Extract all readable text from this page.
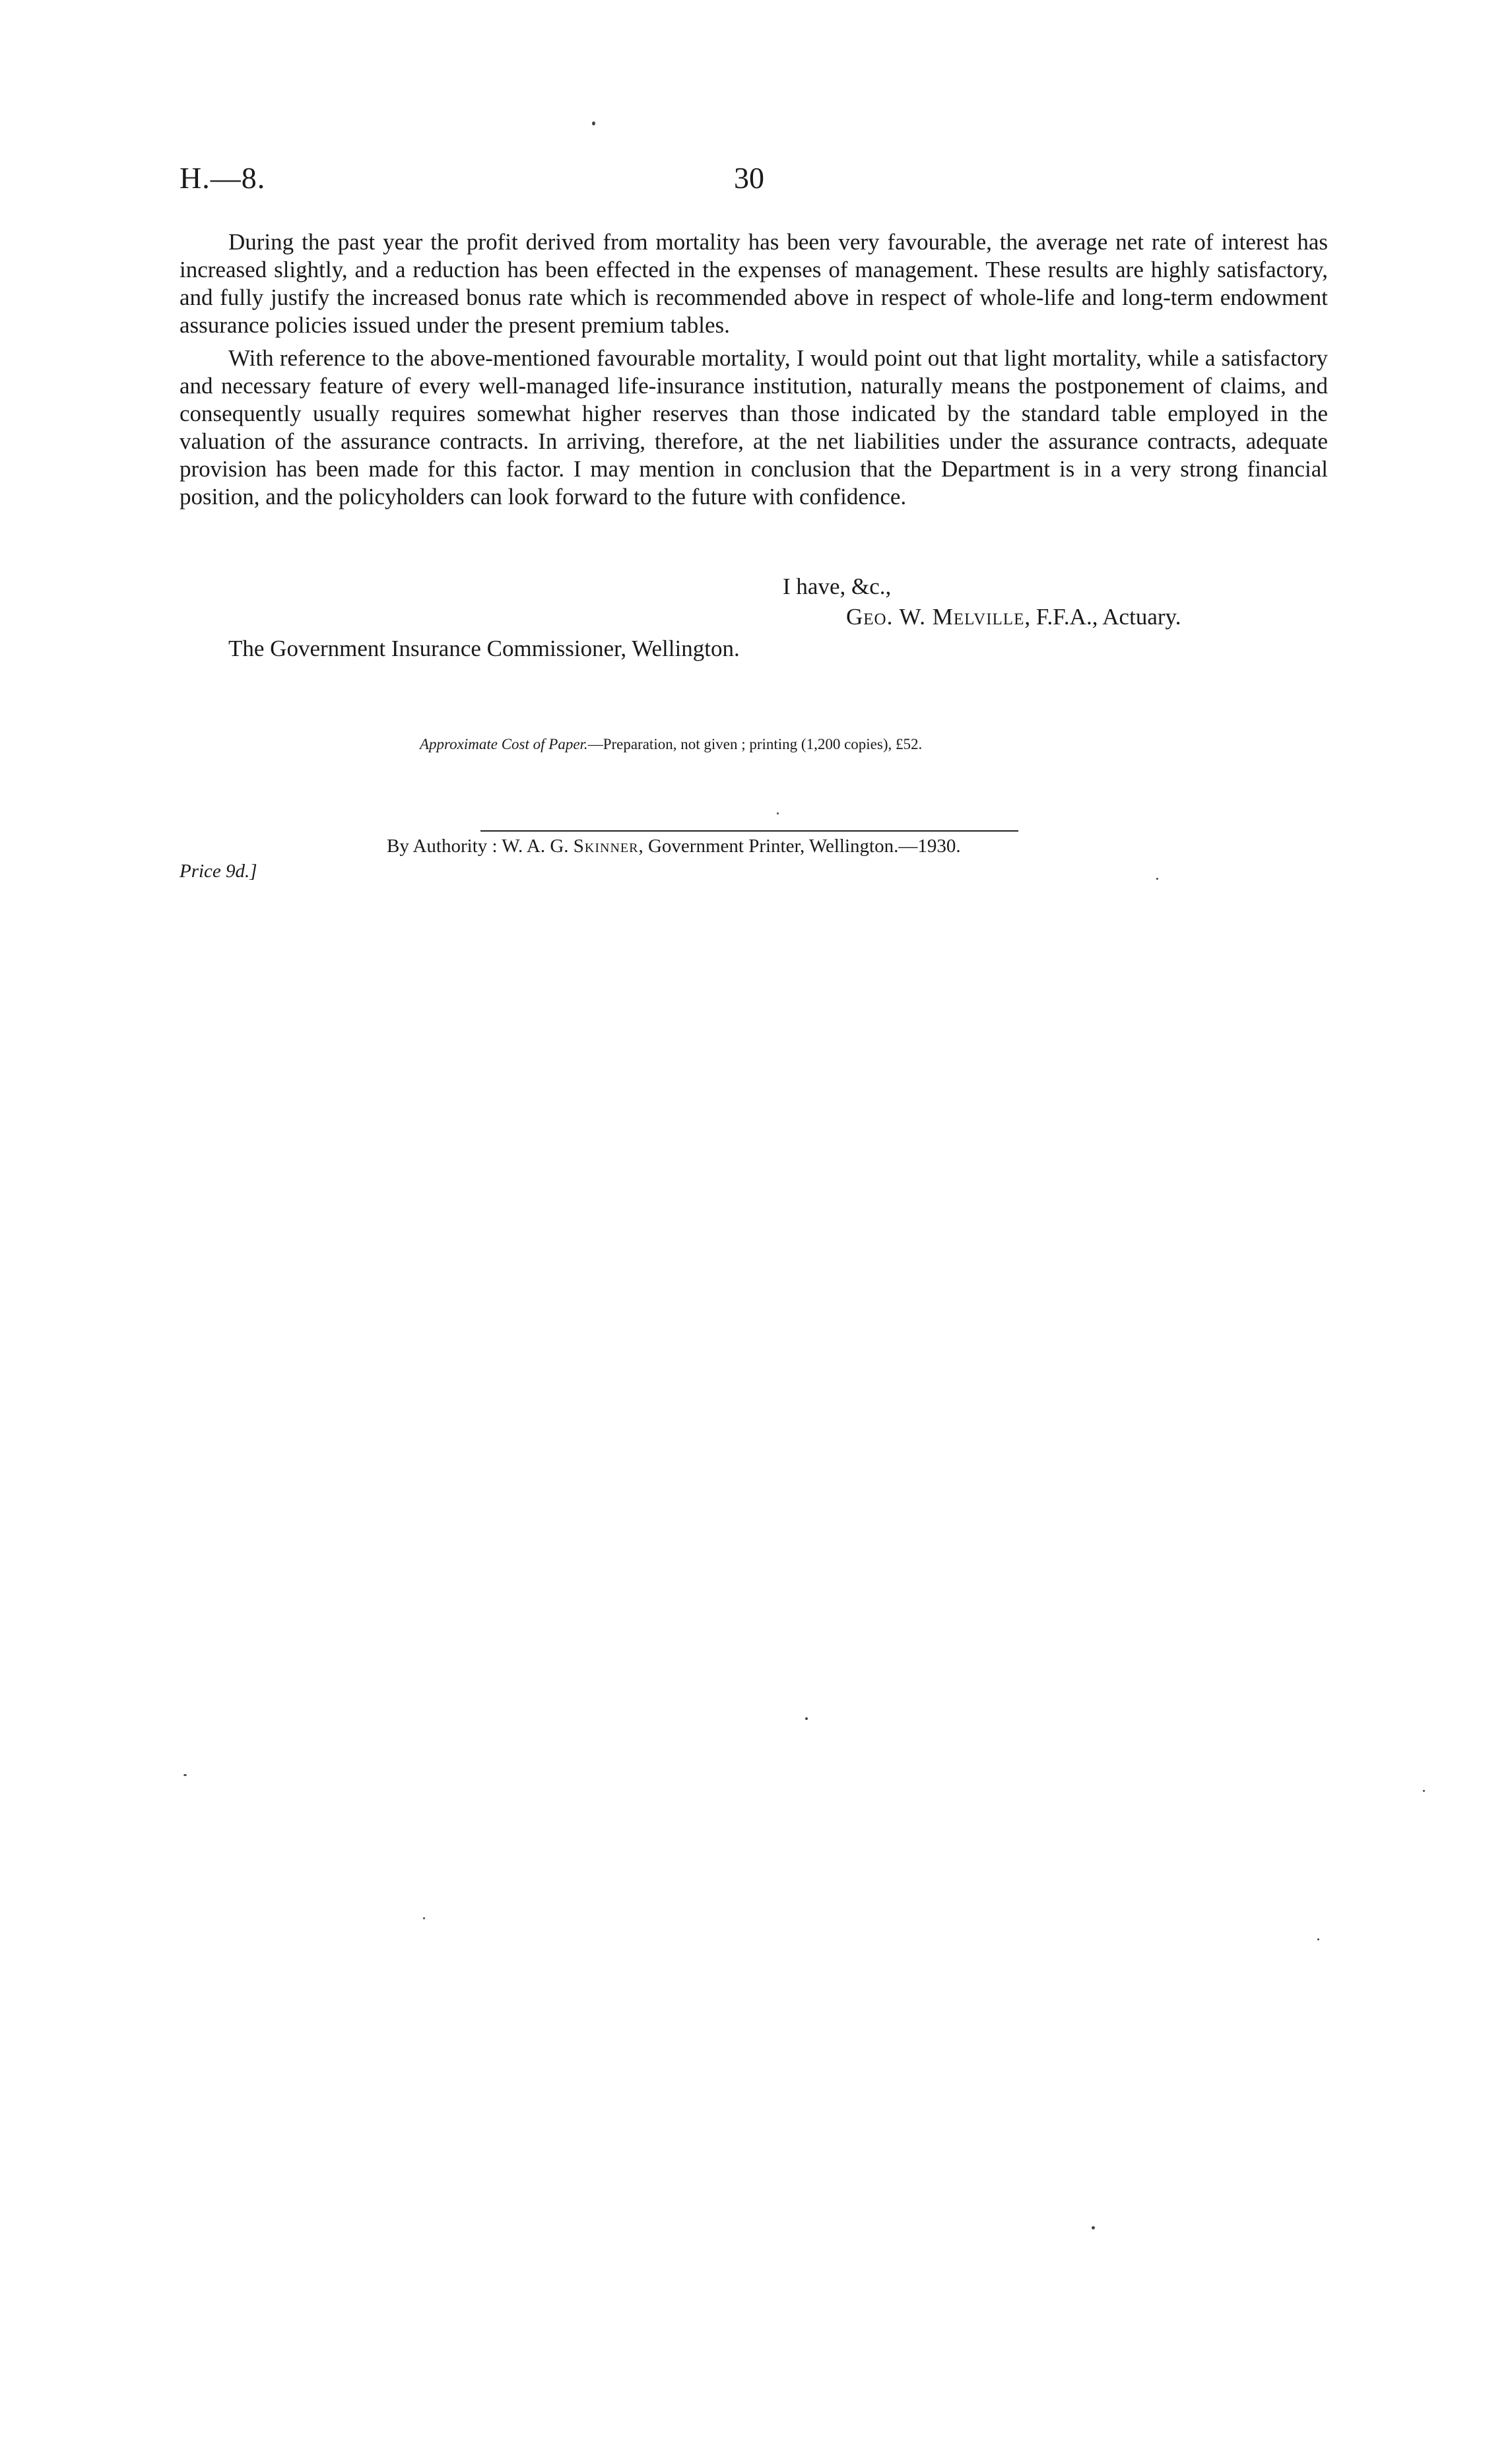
H.—8.	30

During the past year the profit derived from mortality has been very favourable, the average net rate of interest has increased slightly, and a reduction has been effected in the expenses of management. These results are highly satisfactory, and fully justify the increased bonus rate which is recommended above in respect of whole-life and long-term endowment assurance policies issued under the present premium tables.

With reference to the above-mentioned favourable mortality, I would point out that light mortality, while a satisfactory and necessary feature of every well-managed life-insurance institution, naturally means the postponement of claims, and consequently usually requires somewhat higher reserves than those indicated by the standard table employed in the valuation of the assurance contracts. In arriving, therefore, at the net liabilities under the assurance contracts, adequate provision has been made for this factor. I may mention in conclusion that the Department is in a very strong financial position, and the policyholders can look forward to the future with confidence.

I have, &c.,
Geo. W. Melville, F.F.A., Actuary.
The Government Insurance Commissioner, Wellington.
Approximate Cost of Paper.—Preparation, not given ; printing (1,200 copies), £52.
By Authority : W. A. G. Skinner, Government Printer, Wellington.—1930.
Price 9d.]
